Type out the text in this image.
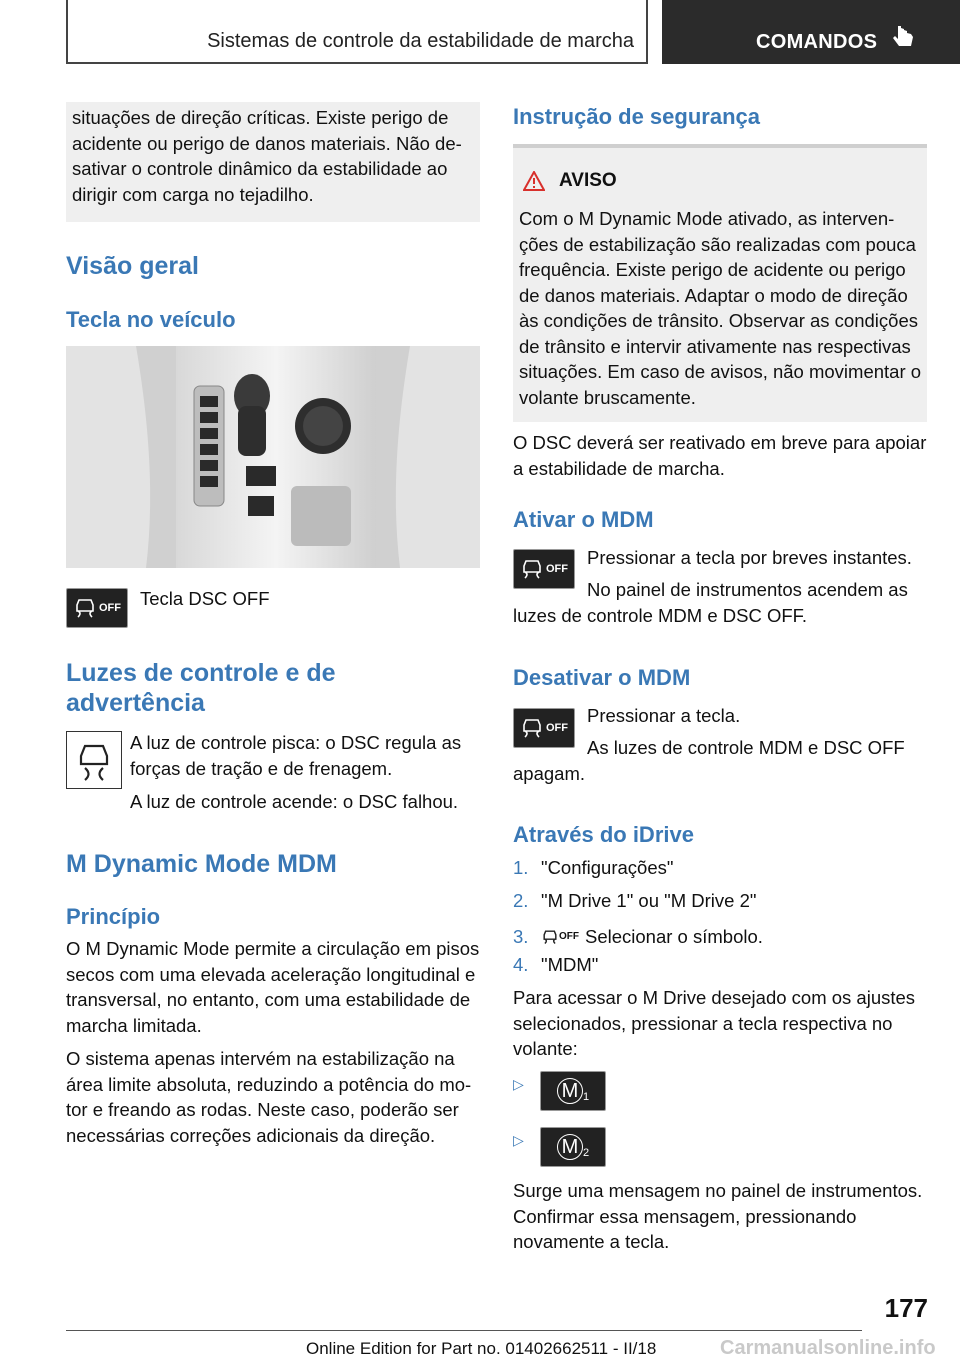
Sistemas de controle da estabilidade de marcha	COMANDOS

situações de direção críticas. Existe perigo de acidente ou perigo de danos materiais. Não desativar o controle dinâmico da estabilidade ao dirigir com carga no tejadilho.

Visão geral
Tecla no veículo
OFF Tecla DSC OFF
Luzes de controle e de advertência

A luz de controle pisca: o DSC regula as forças de tração e de frenagem.

A luz de controle acende: o DSC falhou.

M Dynamic Mode MDM
Princípio

O M Dynamic Mode permite a circulação em pisos secos com uma elevada aceleração longitudinal e transversal, no entanto, com uma estabilidade de marcha limitada.

O sistema apenas intervém na estabilização na área limite absoluta, reduzindo a potência do motor e freando as rodas. Neste caso, poderão ser necessárias correções adicionais da direção.

Instrução de segurança
AVISO

Com o M Dynamic Mode ativado, as intervenções de estabilização são realizadas com pouca frequência. Existe perigo de acidente ou perigo de danos materiais. Adaptar o modo de direção às condições de trânsito. Observar as condições de trânsito e intervir ativamente nas respectivas situações. Em caso de avisos, não movimentar o volante bruscamente.

O DSC deverá ser reativado em breve para apoiar a estabilidade de marcha.
Ativar o MDM
OFF
Pressionar a tecla por breves instantes.

No painel de instrumentos acendem as luzes de controle MDM e DSC OFF.

Desativar o MDM
OFF
Pressionar a tecla.

As luzes de controle MDM e DSC OFF apagam.

Através do iDrive
1. "Configurações"
2. "M Drive 1" ou "M Drive 2"
3.	OFF Selecionar o símbolo.
4. "MDM"
Para acessar o M Drive desejado com os ajustes selecionados, pressionar a tecla respectiva no volante:
▷ M 1
▷ M 2
Surge uma mensagem no painel de instrumentos. Confirmar essa mensagem, pressionando novamente a tecla.
177
Online Edition for Part no. 01402662511 - II/18	Carmanualsonline.info
